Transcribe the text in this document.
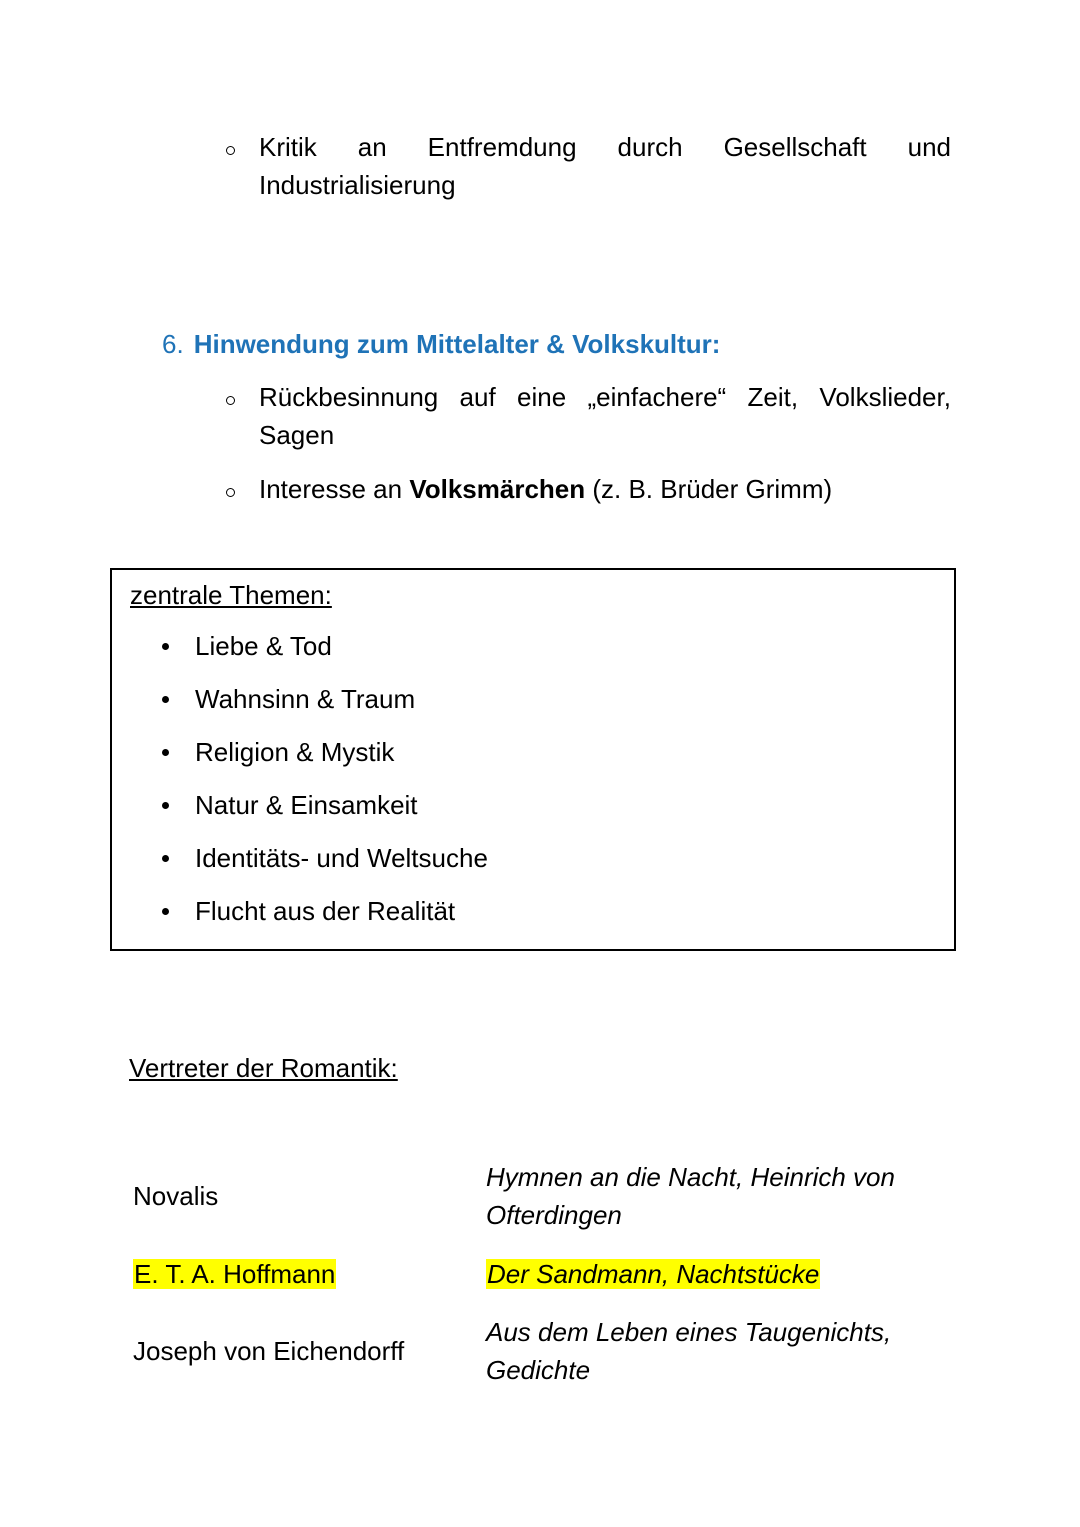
Kritik an Entfremdung durch Gesellschaft und
Industrialisierung
6. Hinwendung zum Mittelalter & Volkskultur:
Rückbesinnung auf eine „einfachere“ Zeit, Volkslieder,
Sagen
Interesse an Volksmärchen (z. B. Brüder Grimm)
zentrale Themen:
Liebe & Tod
Wahnsinn & Traum
Religion & Mystik
Natur & Einsamkeit
Identitäts- und Weltsuche
Flucht aus der Realität
Vertreter der Romantik:
Novalis
Hymnen an die Nacht, Heinrich von
Ofterdingen
E. T. A. Hoffmann	Der Sandmann, Nachtstücke
Joseph von Eichendorff
Aus dem Leben eines Taugenichts,
Gedichte
